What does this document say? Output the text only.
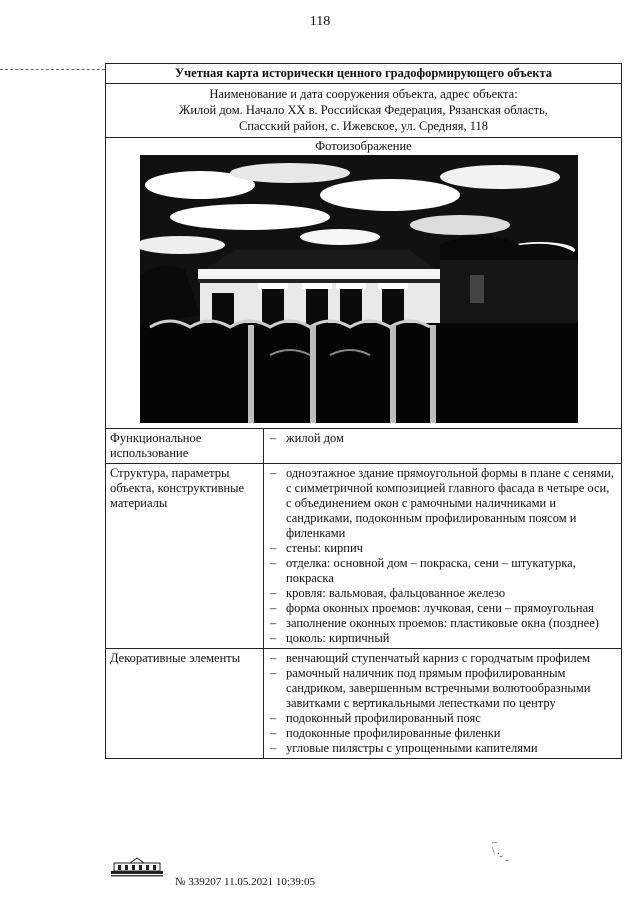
118
Учетная карта исторически ценного градоформирующего объекта
Наименование и дата сооружения объекта, адрес объекта:
Жилой дом. Начало XX в. Российская Федерация, Рязанская область,
Спасский район, с. Ижевское, ул. Средняя, 118
Фотоизображение
Функциональное использование
– жилой дом
Структура, параметры объекта, конструктивные материалы
– одноэтажное здание прямоугольной формы в плане с сенями, с симметричной композицией главного фасада в четыре оси, с объединением окон с рамочными наличниками и сандриками, подоконным профилированным поясом и филенками
– стены: кирпич
– отделка: основной дом – покраска, сени – штукатурка, покраска
– кровля: вальмовая, фальцованное железо
– форма оконных проемов: лучковая, сени – прямоугольная
– заполнение оконных проемов: пластиковые окна (позднее)
– цоколь: кирпичный
Декоративные элементы	– венчающий ступенчатый карниз с городчатым профилем
– рамочный наличник под прямым профилированным сандриком, завершенным встречными волютообразными завитками с вертикальными лепестками по центру
– подоконный профилированный пояс
– подоконные профилированные филенки
– угловые пилястры с упрощенными капителями
№ 339207 11.05.2021 10:39:05
–
\ .
˘ -
